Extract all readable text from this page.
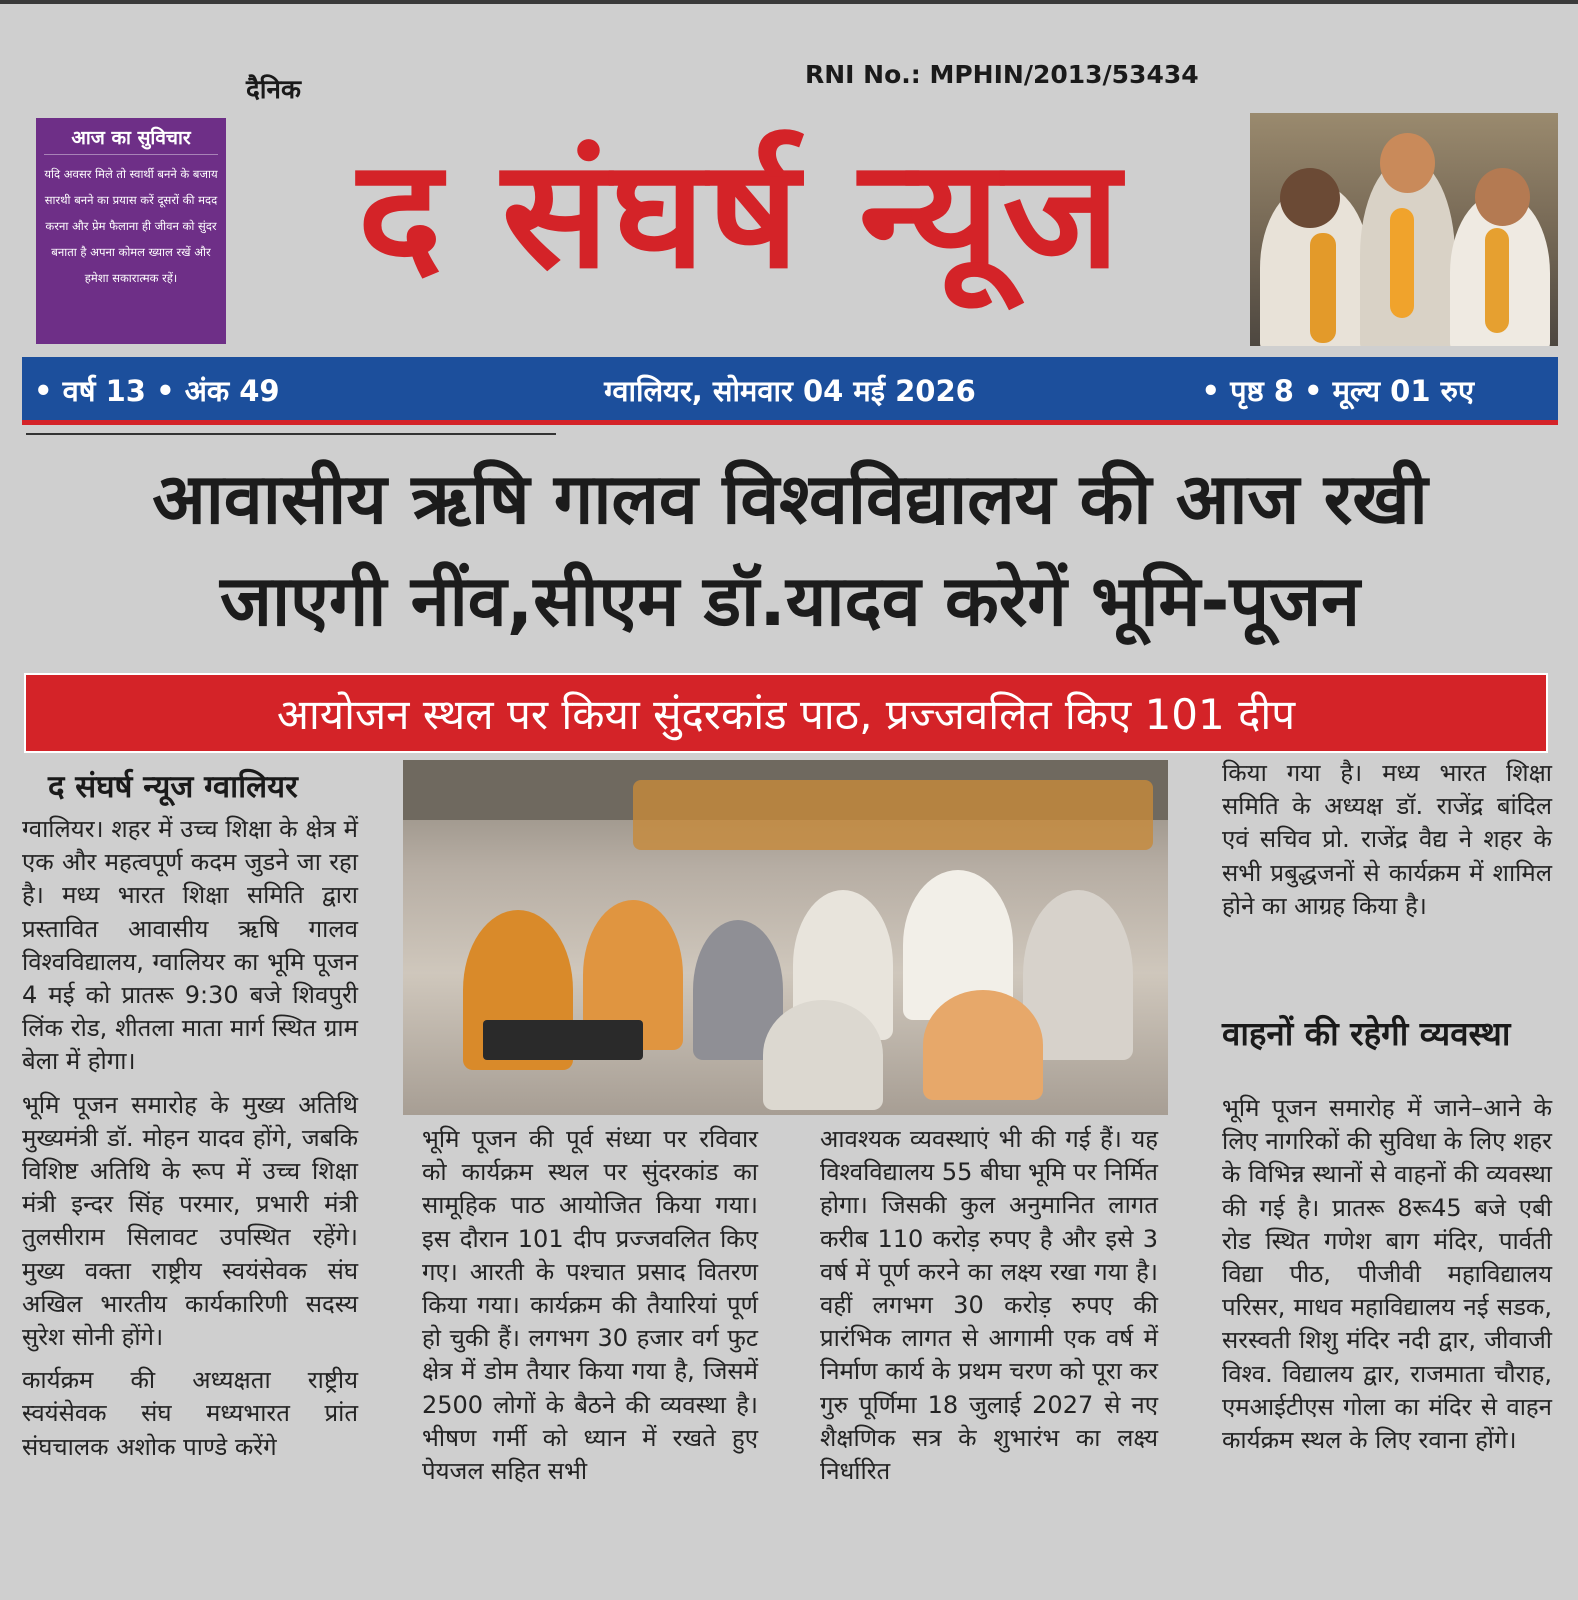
दैनिक
RNI No.: MPHIN/2013/53434
आज का सुविचार
यदि अवसर मिले तो स्वार्थी बनने के बजाय सारथी बनने का प्रयास करें दूसरों की मदद करना और प्रेम फैलाना ही जीवन को सुंदर बनाता है अपना कोमल ख्याल रखें और हमेशा सकारात्मक रहें।	द संघर्ष न्यूज
ग्वालियर, सोमवार 04 मई 2026
• वर्ष 13 • अंक 49	• पृष्ठ 8 • मूल्य 01 रुए
आवासीय ऋषि गालव विश्वविद्यालय की आज रखी
जाएगी नींव,सीएम डॉ.यादव करेगें भूमि-पूजन
आयोजन स्थल पर किया सुंदरकांड पाठ, प्रज्जवलित किए 101 दीप
द संघर्ष न्यूज ग्वालियर

ग्वालियर। शहर में उच्च शिक्षा के क्षेत्र में एक और महत्वपूर्ण कदम जुडने जा रहा है। मध्य भारत शिक्षा समिति द्वारा प्रस्तावित आवासीय ऋषि गालव विश्वविद्यालय, ग्वालियर का भूमि पूजन 4 मई को प्रातरू 9:30 बजे शिवपुरी लिंक रोड, शीतला माता मार्ग स्थित ग्राम बेला में होगा।

भूमि पूजन समारोह के मुख्य अतिथि मुख्यमंत्री डॉ. मोहन यादव होंगे, जबकि विशिष्ट अतिथि के रूप में उच्च शिक्षा मंत्री इन्दर सिंह परमार, प्रभारी मंत्री तुलसीराम सिलावट उपस्थित रहेंगे। मुख्य वक्ता राष्ट्रीय स्वयंसेवक संघ अखिल भारतीय कार्यकारिणी सदस्य सुरेश सोनी होंगे।

कार्यक्रम की अध्यक्षता राष्ट्रीय स्वयंसेवक संघ मध्यभारत प्रांत संघचालक अशोक पाण्डे करेंगे

भूमि पूजन की पूर्व संध्या पर रविवार को कार्यक्रम स्थल पर सुंदरकांड का सामूहिक पाठ आयोजित किया गया। इस दौरान 101 दीप प्रज्जवलित किए गए। आरती के पश्चात प्रसाद वितरण किया गया। कार्यक्रम की तैयारियां पूर्ण हो चुकी हैं। लगभग 30 हजार वर्ग फुट क्षेत्र में डोम तैयार किया गया है, जिसमें 2500 लोगों के बैठने की व्यवस्था है। भीषण गर्मी को ध्यान में रखते हुए पेयजल सहित सभी
आवश्यक व्यवस्थाएं भी की गई हैं। यह विश्वविद्यालय 55 बीघा भूमि पर निर्मित होगा। जिसकी कुल अनुमानित लागत करीब 110 करोड़ रुपए है और इसे 3 वर्ष में पूर्ण करने का लक्ष्य रखा गया है। वहीं लगभग 30 करोड़ रुपए की प्रारंभिक लागत से आगामी एक वर्ष में निर्माण कार्य के प्रथम चरण को पूरा कर गुरु पूर्णिमा 18 जुलाई 2027 से नए शैक्षणिक सत्र के शुभारंभ का लक्ष्य निर्धारित
किया गया है। मध्य भारत शिक्षा समिति के अध्यक्ष डॉ. राजेंद्र बांदिल एवं सचिव प्रो. राजेंद्र वैद्य ने शहर के सभी प्रबुद्धजनों से कार्यक्रम में शामिल होने का आग्रह किया है।
वाहनों की रहेगी व्यवस्था
भूमि पूजन समारोह में जाने–आने के लिए नागरिकों की सुविधा के लिए शहर के विभिन्न स्थानों से वाहनों की व्यवस्था की गई है। प्रातरू 8रू45 बजे एबी रोड स्थित गणेश बाग मंदिर, पार्वती विद्या पीठ, पीजीवी महाविद्यालय परिसर, माधव महाविद्यालय नई सडक, सरस्वती शिशु मंदिर नदी द्वार, जीवाजी विश्व. विद्यालय द्वार, राजमाता चौराह, एमआईटीएस गोला का मंदिर से वाहन कार्यक्रम स्थल के लिए रवाना होंगे।
